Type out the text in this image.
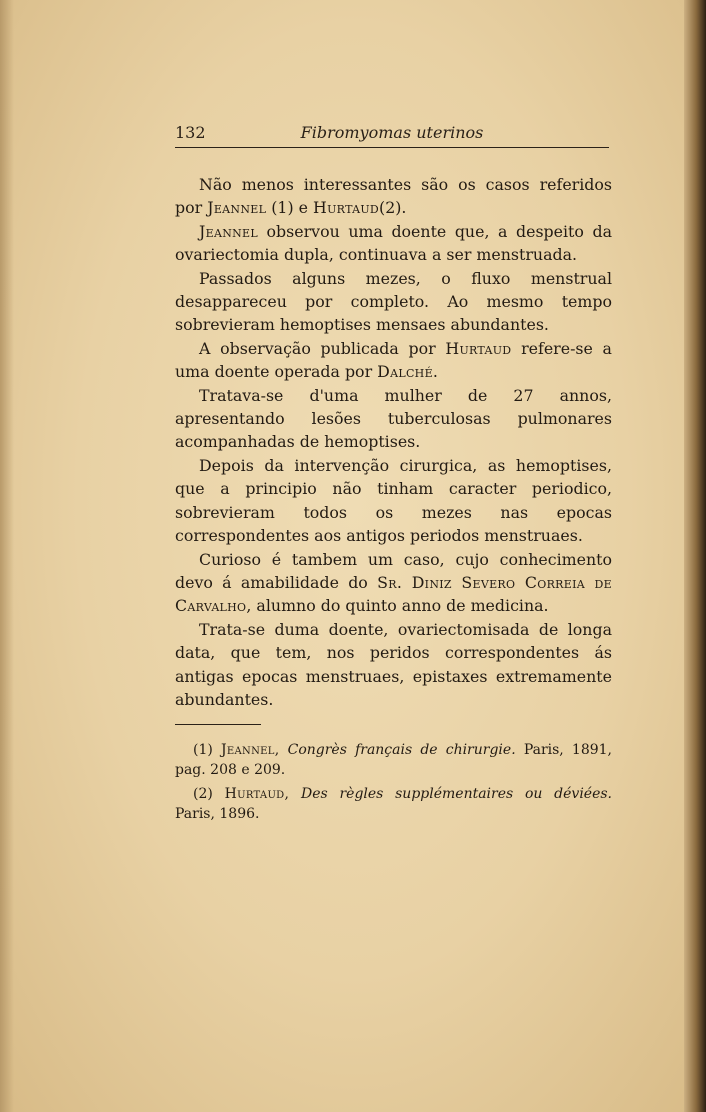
132	Fibromyomas uterinos

Não menos interessantes são os casos referidos por Jeannel (1) e Hurtaud(2).

Jeannel observou uma doente que, a despeito da ovariectomia dupla, continuava a ser menstruada.

Passados alguns mezes, o fluxo menstrual desappareceu por completo. Ao mesmo tempo sobrevieram hemoptises mensaes abundantes.

A observação publicada por Hurtaud refere-se a uma doente operada por Dalché.

Tratava-se d'uma mulher de 27 annos, apresentando lesões tuberculosas pulmonares acompanhadas de hemoptises.

Depois da intervenção cirurgica, as hemoptises, que a principio não tinham caracter periodico, sobrevieram todos os mezes nas epocas correspondentes aos antigos periodos menstruaes.

Curioso é tambem um caso, cujo conhecimento devo á amabilidade do Sr. Diniz Severo Correia de Carvalho, alumno do quinto anno de medicina.

Trata-se duma doente, ovariectomisada de longa data, que tem, nos peridos correspondentes ás antigas epocas menstruaes, epistaxes extremamente abundantes.

(1) Jeannel, Congrès français de chirurgie. Paris, 1891, pag. 208 e 209.

(2) Hurtaud, Des règles supplémentaires ou déviées. Paris, 1896.
